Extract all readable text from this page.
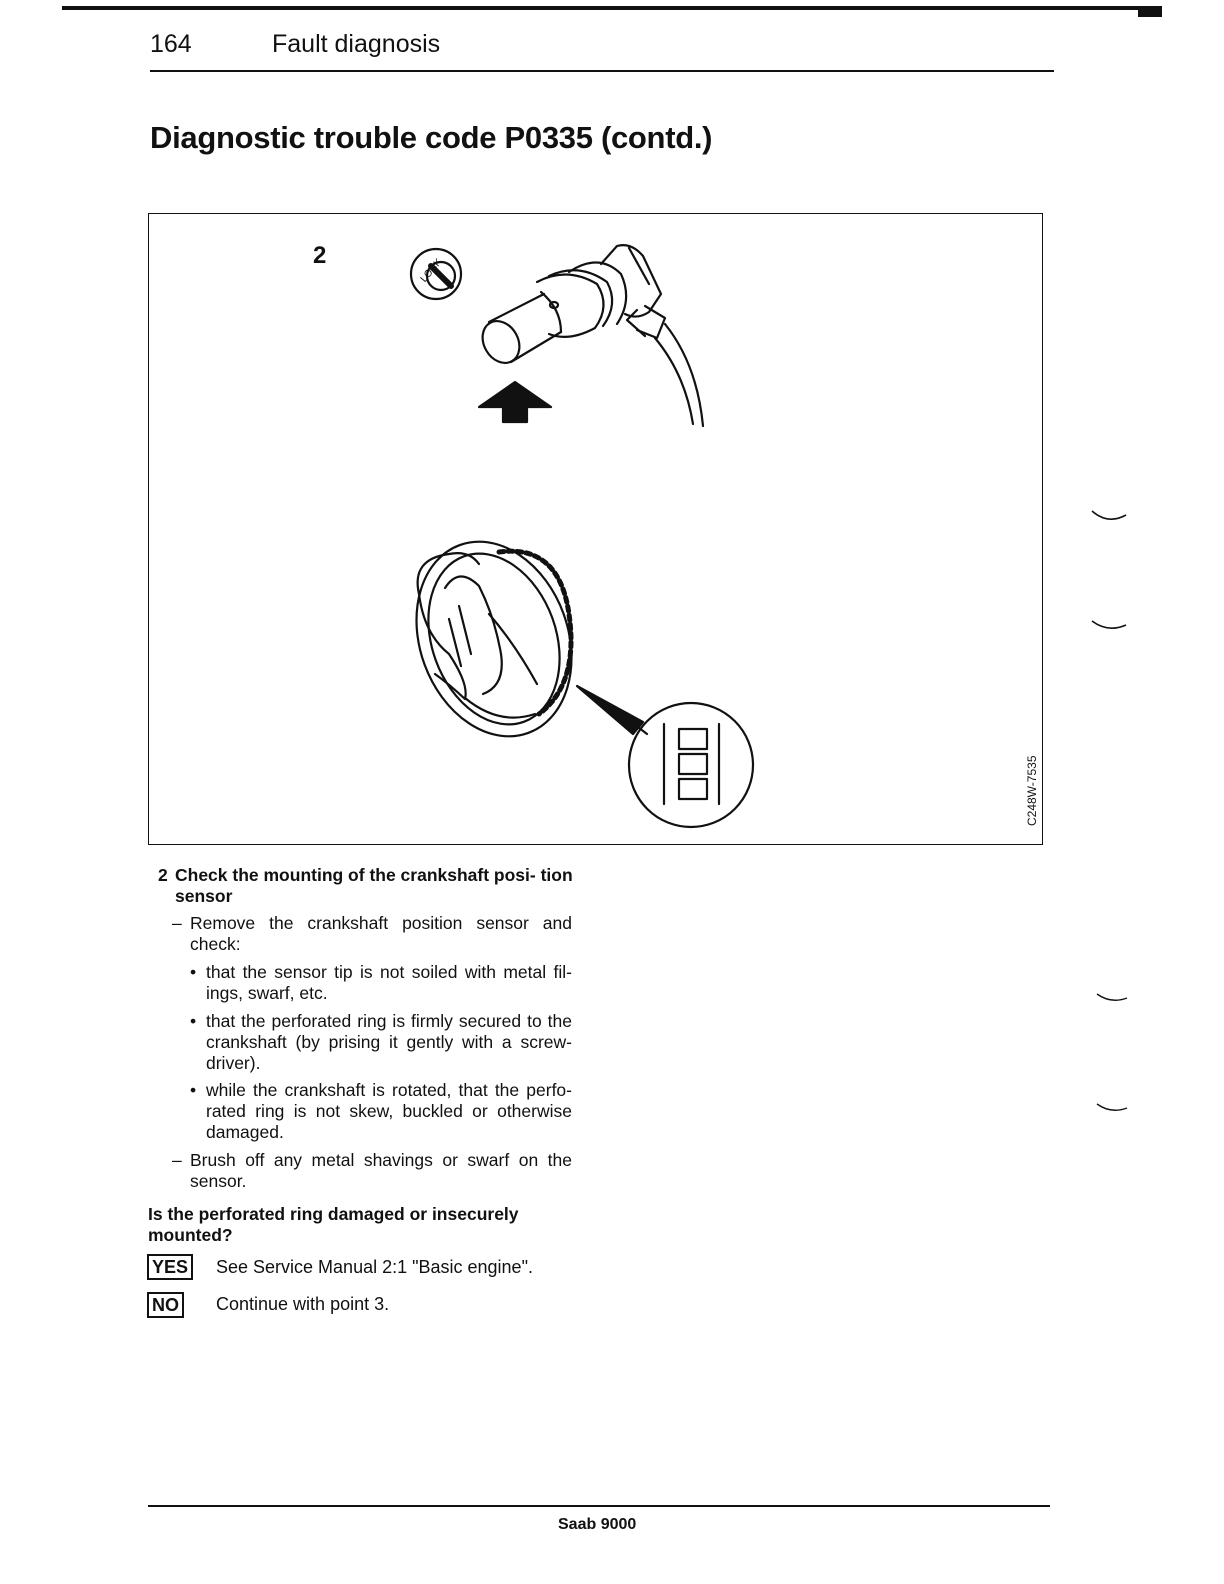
164	Fault diagnosis
Diagnostic trouble code P0335 (contd.)
2
LOCK
C248W-7535
2 Check the mounting of the crankshaft posi- tion sensor
– Remove the crankshaft position sensor and check:
• that the sensor tip is not soiled with metal fil- ings, swarf, etc.
• that the perforated ring is firmly secured to the crankshaft (by prising it gently with a screw- driver).
• while the crankshaft is rotated, that the perfo- rated ring is not skew, buckled or otherwise damaged.
– Brush off any metal shavings or swarf on the sensor.
Is the perforated ring damaged or insecurely mounted?
YES See Service Manual 2:1 "Basic engine".
NO Continue with point 3.
Saab 9000
